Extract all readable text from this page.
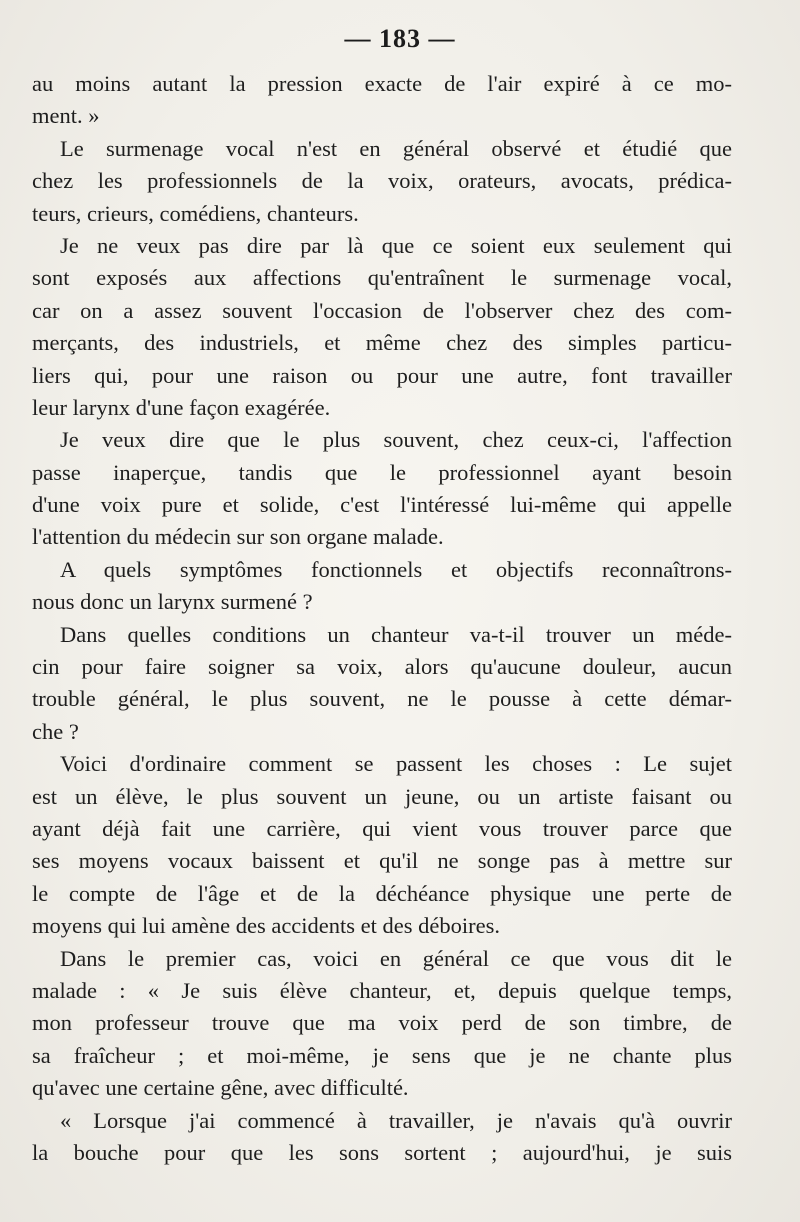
— 183 —
au moins autant la pression exacte de l'air expiré à ce mo-
ment. »
Le surmenage vocal n'est en général observé et étudié que
chez les professionnels de la voix, orateurs, avocats, prédica-
teurs, crieurs, comédiens, chanteurs.
Je ne veux pas dire par là que ce soient eux seulement qui
sont exposés aux affections qu'entraînent le surmenage vocal,
car on a assez souvent l'occasion de l'observer chez des com-
merçants, des industriels, et même chez des simples particu-
liers qui, pour une raison ou pour une autre, font travailler
leur larynx d'une façon exagérée.
Je veux dire que le plus souvent, chez ceux-ci, l'affection
passe inaperçue, tandis que le professionnel ayant besoin
d'une voix pure et solide, c'est l'intéressé lui-même qui appelle
l'attention du médecin sur son organe malade.
A quels symptômes fonctionnels et objectifs reconnaîtrons-
nous donc un larynx surmené ?
Dans quelles conditions un chanteur va-t-il trouver un méde-
cin pour faire soigner sa voix, alors qu'aucune douleur, aucun
trouble général, le plus souvent, ne le pousse à cette démar-
che ?
Voici d'ordinaire comment se passent les choses : Le sujet
est un élève, le plus souvent un jeune, ou un artiste faisant ou
ayant déjà fait une carrière, qui vient vous trouver parce que
ses moyens vocaux baissent et qu'il ne songe pas à mettre sur
le compte de l'âge et de la déchéance physique une perte de
moyens qui lui amène des accidents et des déboires.
Dans le premier cas, voici en général ce que vous dit le
malade : « Je suis élève chanteur, et, depuis quelque temps,
mon professeur trouve que ma voix perd de son timbre, de
sa fraîcheur ; et moi-même, je sens que je ne chante plus
qu'avec une certaine gêne, avec difficulté.
« Lorsque j'ai commencé à travailler, je n'avais qu'à ouvrir
la bouche pour que les sons sortent ; aujourd'hui, je suis
